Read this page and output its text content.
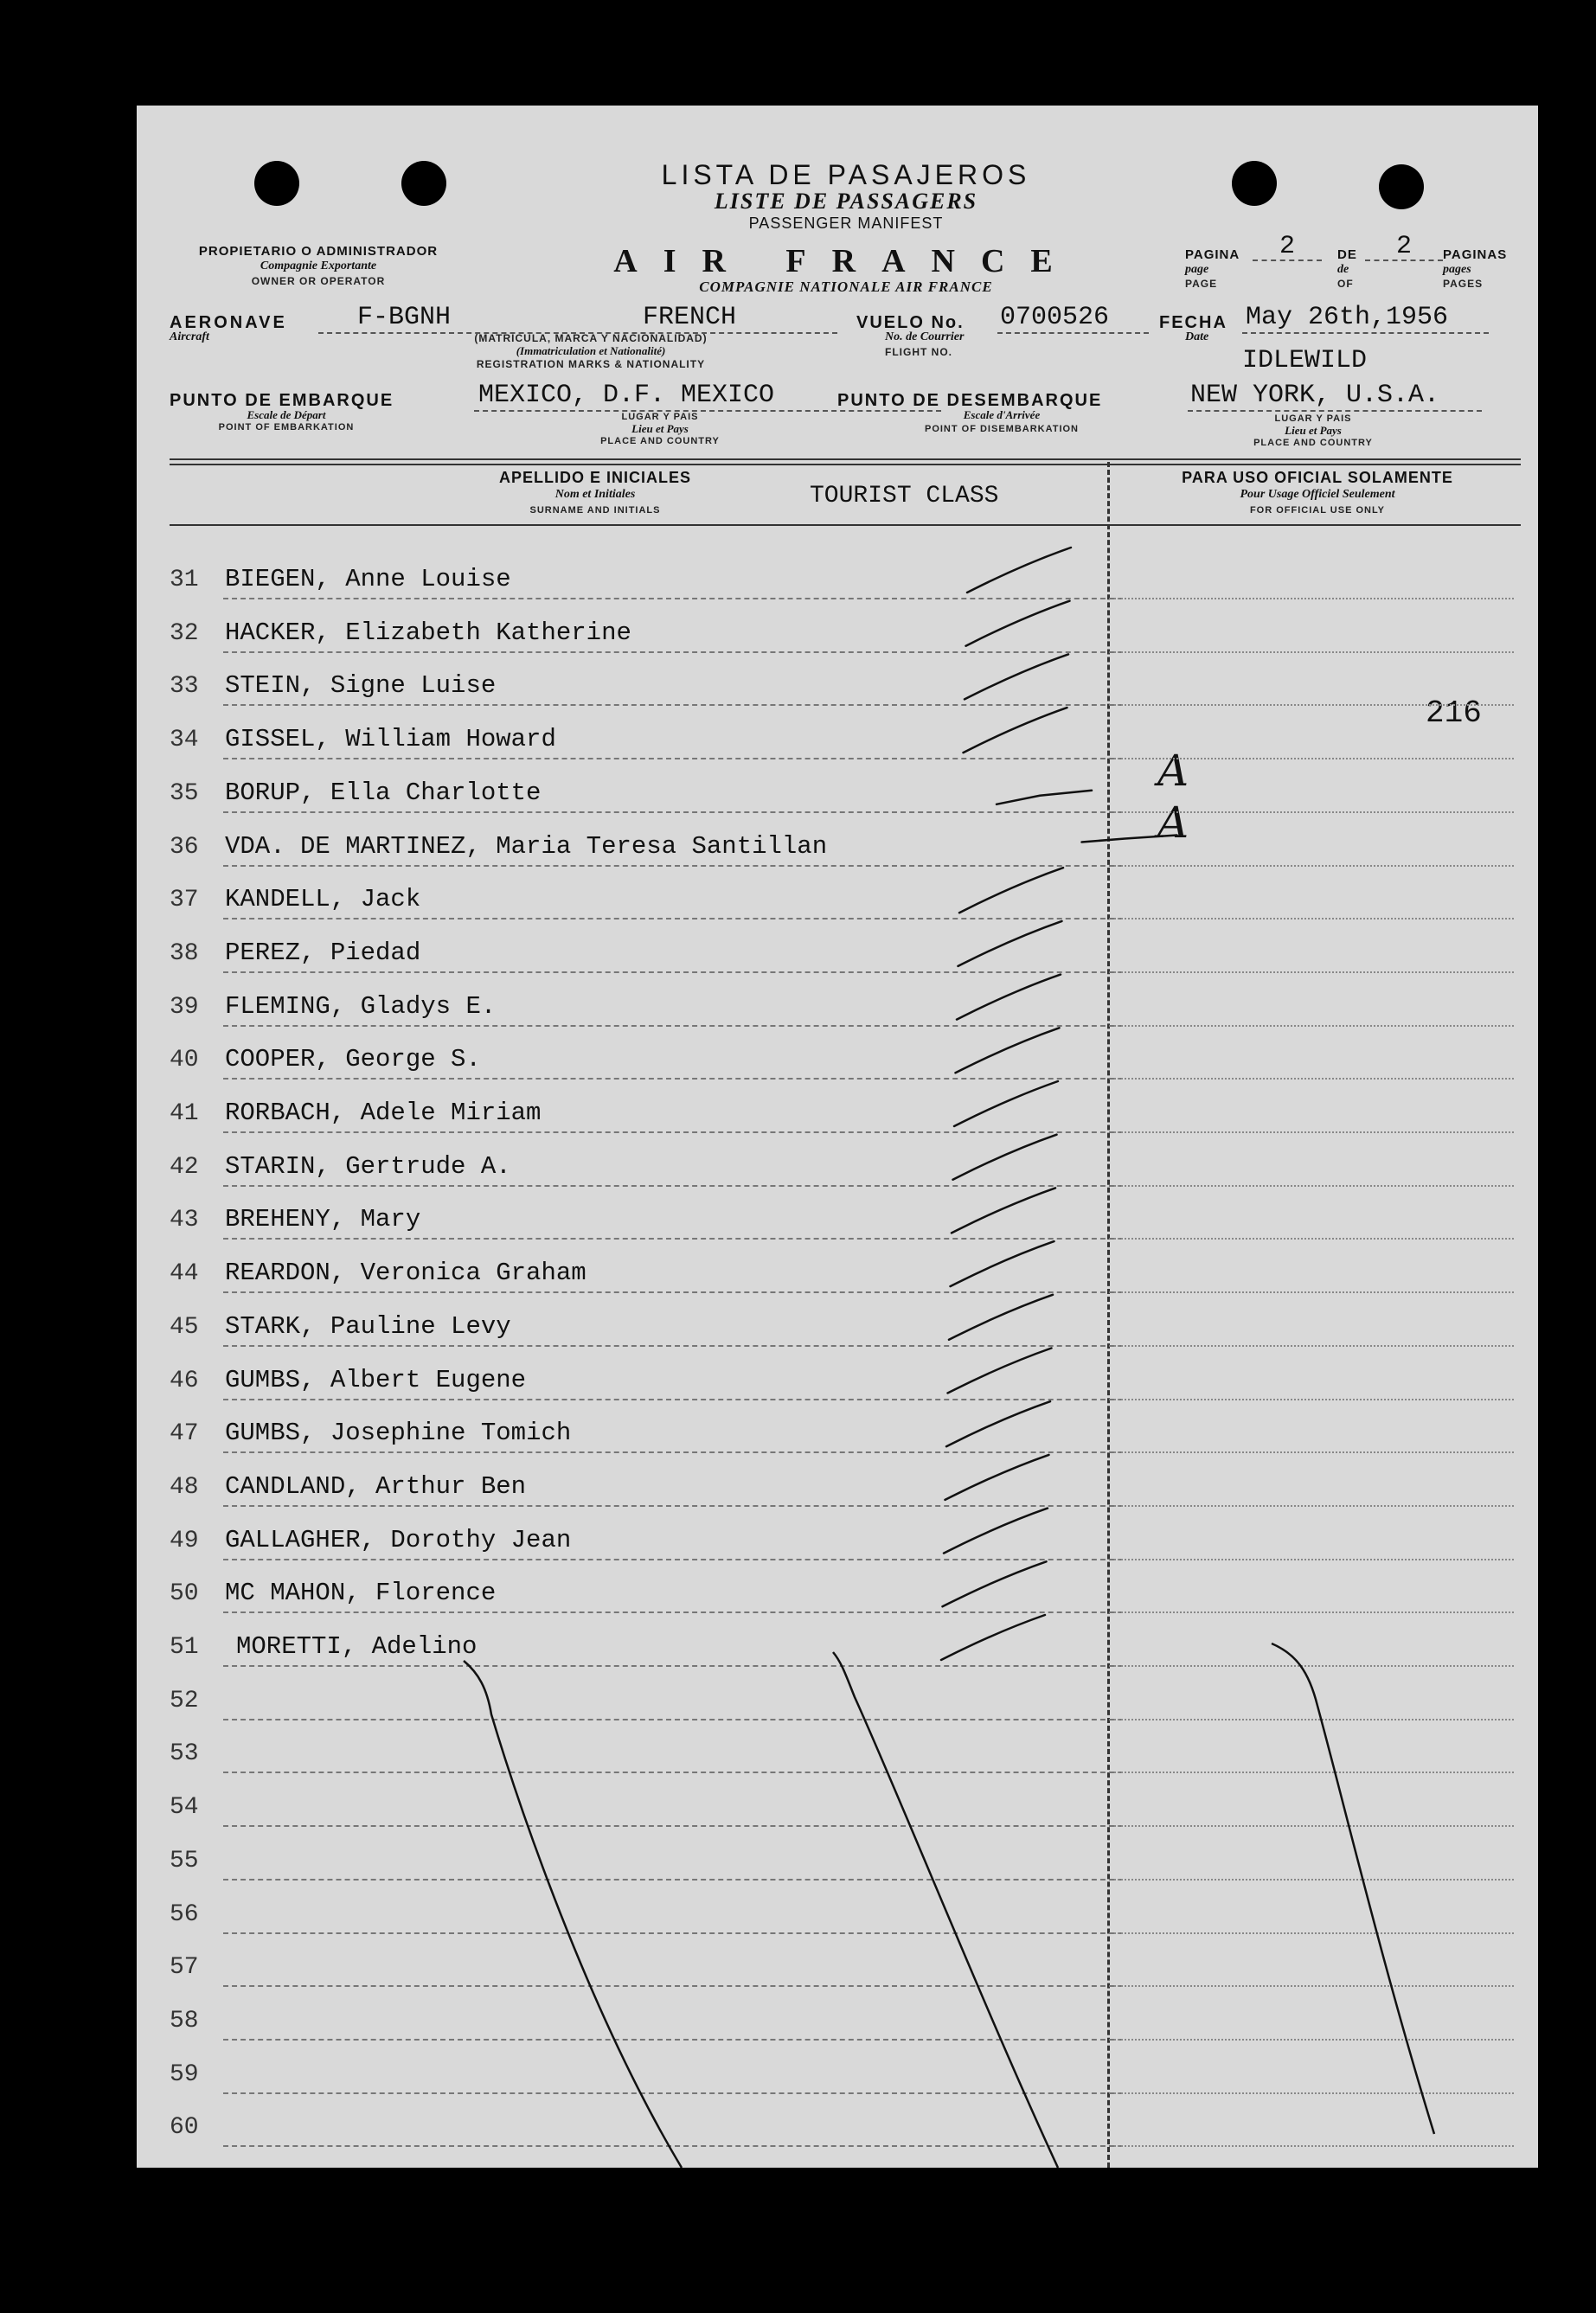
LISTA DE PASAJEROS
LISTE DE PASSAGERS
PASSENGER MANIFEST
AIR FRANCE
COMPAGNIE NATIONALE AIR FRANCE
PROPIETARIO O ADMINISTRADOR
Compagnie Exportante
OWNER OR OPERATOR
PAGINA
page
PAGE
2	DE
de
OF
2	PAGINAS
pages
PAGES
AERONAVE
Aircraft
F-BGNH	FRENCH
(MATRICULA, MARCA Y NACIONALIDAD)
(Immatriculation et Nationalité)
REGISTRATION MARKS & NATIONALITY
VUELO No.
No. de Courrier
FLIGHT NO.
0700526	FECHA
Date
May 26th,1956
IDLEWILD
PUNTO DE EMBARQUE
Escale de Départ
POINT OF EMBARKATION
MEXICO, D.F. MEXICO
LUGAR Y PAIS
Lieu et Pays
PLACE AND COUNTRY
PUNTO DE DESEMBARQUE
Escale d'Arrivée
POINT OF DISEMBARKATION
NEW YORK, U.S.A.
LUGAR Y PAIS
Lieu et Pays
PLACE AND COUNTRY
APELLIDO E INICIALES
Nom et Initiales
SURNAME AND INITIALS
TOURIST CLASS
PARA USO OFICIAL SOLAMENTE
Pour Usage Officiel Seulement
FOR OFFICIAL USE ONLY
216
A
A
31 BIEGEN, Anne Louise
32 HACKER, Elizabeth Katherine
33 STEIN, Signe Luise
34 GISSEL, William Howard
35 BORUP, Ella Charlotte
36 VDA. DE MARTINEZ, Maria Teresa Santillan
37 KANDELL, Jack
38 PEREZ, Piedad
39 FLEMING, Gladys E.
40 COOPER, George S.
41 RORBACH, Adele Miriam
42 STARIN, Gertrude A.
43 BREHENY, Mary
44 REARDON, Veronica Graham
45 STARK, Pauline Levy
46 GUMBS, Albert Eugene
47 GUMBS, Josephine Tomich
48 CANDLAND, Arthur Ben
49 GALLAGHER, Dorothy Jean
50 MC MAHON, Florence
51 MORETTI, Adelino
52
53
54
55
56
57
58
59
60
